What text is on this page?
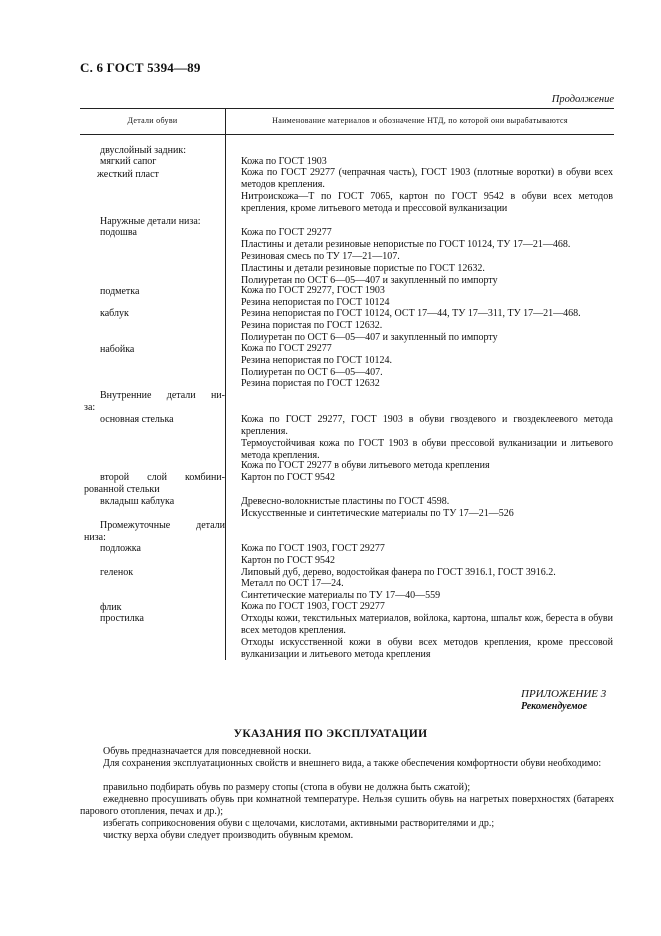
С. 6 ГОСТ 5394—89
Продолжение
Детали обуви	Наименование материалов и обозначение НТД, по которой они вырабатываются
двуслойный задник:
мягкий сапог
жесткий пласт
Наружные детали низа:
подошва
подметка
каблук
набойка
Внутренние детали ни-
за:
основная стелька
второй слой комбини-
рованной стельки
вкладыш каблука
Промежуточные детали
низа:
подложка
геленок
флик
простилка
Кожа по ГОСТ 1903
Кожа по ГОСТ 29277 (чепрачная часть), ГОСТ 1903 (плотные воротки) в обуви всех методов крепления.
Нитроискожа—Т по ГОСТ 7065, картон по ГОСТ 9542 в обуви всех методов крепления, кроме литьевого метода и прессовой вулканизации
Кожа по ГОСТ 29277
Пластины и детали резиновые непористые по ГОСТ 10124, ТУ 17—21—468.
Резиновая смесь по ТУ 17—21—107.
Пластины и детали резиновые пористые по ГОСТ 12632.
Полиуретан по ОСТ 6—05—407 и закупленный по импорту
Кожа по ГОСТ 29277, ГОСТ 1903
Резина непористая по ГОСТ 10124
Резина непористая по ГОСТ 10124, ОСТ 17—44, ТУ 17—311, ТУ 17—21—468.
Резина пористая по ГОСТ 12632.
Полиуретан по ОСТ 6—05—407 и закупленный по импорту
Кожа по ГОСТ 29277
Резина непористая по ГОСТ 10124.
Полиуретан по ОСТ 6—05—407.
Резина пористая по ГОСТ 12632
Кожа по ГОСТ 29277, ГОСТ 1903 в обуви гвоздевого и гвоздеклеевого метода крепления.
Термоустойчивая кожа по ГОСТ 1903 в обуви прессовой вулканизации и литьевого метода крепления.
Кожа по ГОСТ 29277 в обуви литьевого метода крепления
Картон по ГОСТ 9542
Древесно-волокнистые пластины по ГОСТ 4598.
Искусственные и синтетические материалы по ТУ 17—21—526
Кожа по ГОСТ 1903, ГОСТ 29277
Картон по ГОСТ 9542
Липовый дуб, дерево, водостойкая фанера по ГОСТ 3916.1, ГОСТ 3916.2.
Металл по ОСТ 17—24.
Синтетические материалы по ТУ 17—40—559
Кожа по ГОСТ 1903, ГОСТ 29277
Отходы кожи, текстильных материалов, войлока, картона, шпальт кож, береста в обуви всех методов крепления.
Отходы искусственной кожи в обуви всех методов крепления, кроме прессовой вулканизации и литьевого метода крепления
ПРИЛОЖЕНИЕ 3
Рекомендуемое
УКАЗАНИЯ ПО ЭКСПЛУАТАЦИИ
Обувь предназначается для повседневной носки.
Для сохранения эксплуатационных свойств и внешнего вида, а также обеспечения комфортности обуви необходимо:
правильно подбирать обувь по размеру стопы (стопа в обуви не должна быть сжатой);
ежедневно просушивать обувь при комнатной температуре. Нельзя сушить обувь на нагретых поверхностях (батареях парового отопления, печах и др.);
избегать соприкосновения обуви с щелочами, кислотами, активными растворителями и др.;
чистку верха обуви следует производить обувным кремом.
